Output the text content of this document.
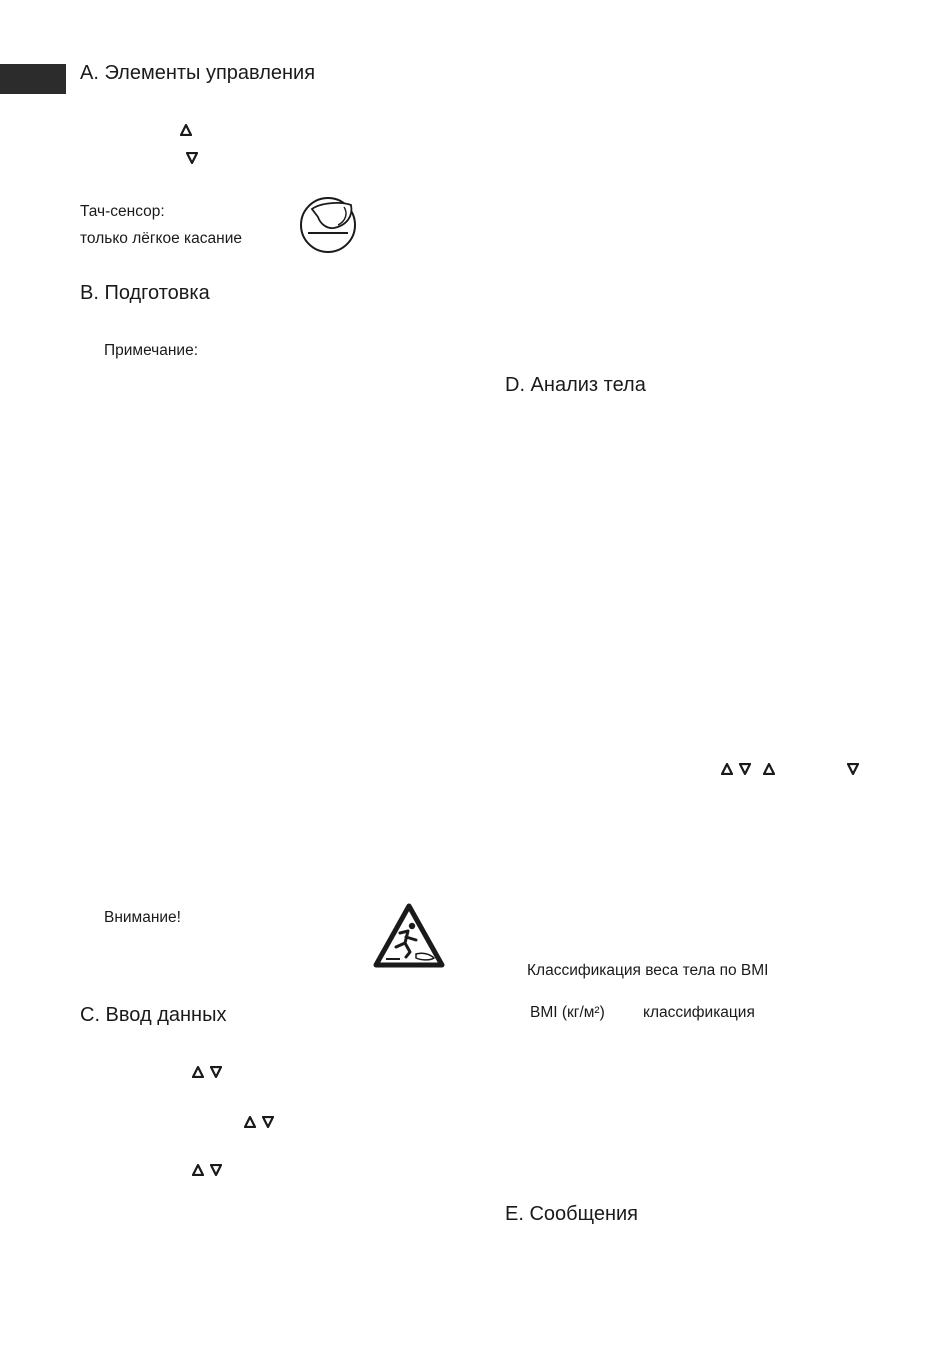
A. Элементы управления
Тач-сенсор:
только лёгкое касание
B. Подготовка
Примечание:
Внимание!
C. Ввод данных
D. Анализ тела
Классификация веса тела по BMI
BMI (кг/м²) классификация
E. Сообщения
